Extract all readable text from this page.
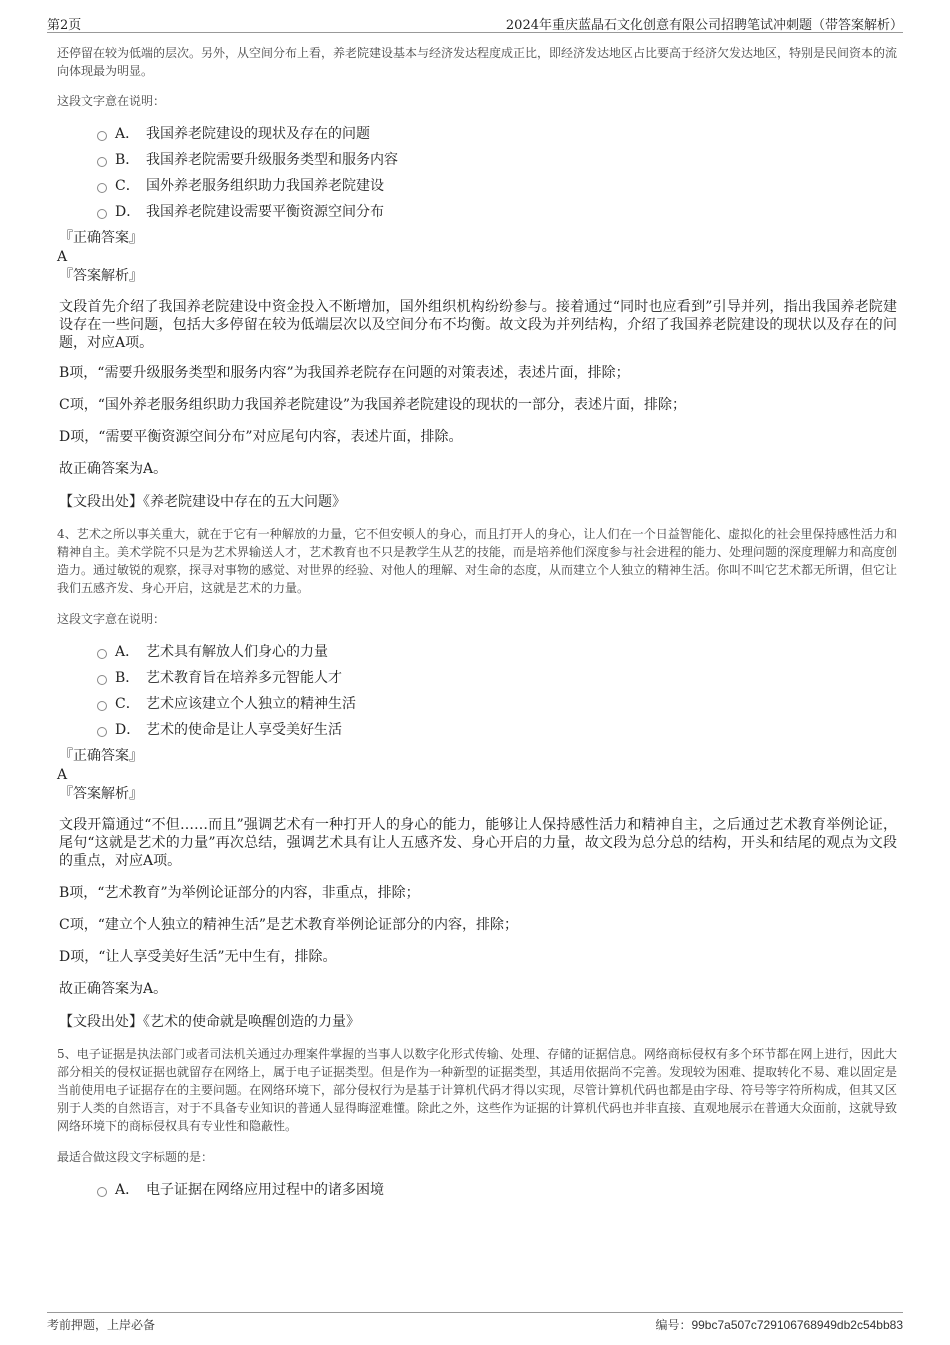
第2页	2024年重庆蓝晶石文化创意有限公司招聘笔试冲刺题（带答案解析）

还停留在较为低端的层次。另外，从空间分布上看，养老院建设基本与经济发达程度成正比，即经济发达地区占比要高于经济欠发达地区，特别是民间资本的流向体现最为明显。

这段文字意在说明：

A． 我国养老院建设的现状及存在的问题
B． 我国养老院需要升级服务类型和服务内容
C． 国外养老服务组织助力我国养老院建设
D． 我国养老院建设需要平衡资源空间分布

『正确答案』

A

『答案解析』

文段首先介绍了我国养老院建设中资金投入不断增加，国外组织机构纷纷参与。接着通过“同时也应看到”引导并列，指出我国养老院建设存在一些问题，包括大多停留在较为低端层次以及空间分布不均衡。故文段为并列结构，介绍了我国养老院建设的现状以及存在的问题，对应A项。

B项，“需要升级服务类型和服务内容”为我国养老院存在问题的对策表述，表述片面，排除；

C项，“国外养老服务组织助力我国养老院建设”为我国养老院建设的现状的一部分，表述片面，排除；

D项，“需要平衡资源空间分布”对应尾句内容，表述片面，排除。

故正确答案为A。

【文段出处】《养老院建设中存在的五大问题》

4、艺术之所以事关重大，就在于它有一种解放的力量，它不但安顿人的身心，而且打开人的身心，让人们在一个日益智能化、虚拟化的社会里保持感性活力和精神自主。美术学院不只是为艺术界输送人才，艺术教育也不只是教学生从艺的技能，而是培养他们深度参与社会进程的能力、处理问题的深度理解力和高度创造力。通过敏锐的观察，探寻对事物的感觉、对世界的经验、对他人的理解、对生命的态度，从而建立个人独立的精神生活。你叫不叫它艺术都无所谓，但它让我们五感齐发、身心开启，这就是艺术的力量。

这段文字意在说明：

A． 艺术具有解放人们身心的力量
B． 艺术教育旨在培养多元智能人才
C． 艺术应该建立个人独立的精神生活
D． 艺术的使命是让人享受美好生活

『正确答案』

A

『答案解析』

文段开篇通过“不但……而且”强调艺术有一种打开人的身心的能力，能够让人保持感性活力和精神自主，之后通过艺术教育举例论证，尾句“这就是艺术的力量”再次总结，强调艺术具有让人五感齐发、身心开启的力量，故文段为总分总的结构，开头和结尾的观点为文段的重点，对应A项。

B项，“艺术教育”为举例论证部分的内容，非重点，排除；

C项，“建立个人独立的精神生活”是艺术教育举例论证部分的内容，排除；

D项，“让人享受美好生活”无中生有，排除。

故正确答案为A。

【文段出处】《艺术的使命就是唤醒创造的力量》

5、电子证据是执法部门或者司法机关通过办理案件掌握的当事人以数字化形式传输、处理、存储的证据信息。网络商标侵权有多个环节都在网上进行，因此大部分相关的侵权证据也就留存在网络上，属于电子证据类型。但是作为一种新型的证据类型，其适用依据尚不完善。发现较为困难、提取转化不易、难以固定是当前使用电子证据存在的主要问题。在网络环境下，部分侵权行为是基于计算机代码才得以实现，尽管计算机代码也都是由字母、符号等字符所构成，但其又区别于人类的自然语言，对于不具备专业知识的普通人显得晦涩难懂。除此之外，这些作为证据的计算机代码也并非直接、直观地展示在普通大众面前，这就导致网络环境下的商标侵权具有专业性和隐蔽性。

最适合做这段文字标题的是：

A． 电子证据在网络应用过程中的诸多困境
考前押题，上岸必备	编号：99bc7a507c729106768949db2c54bb83
